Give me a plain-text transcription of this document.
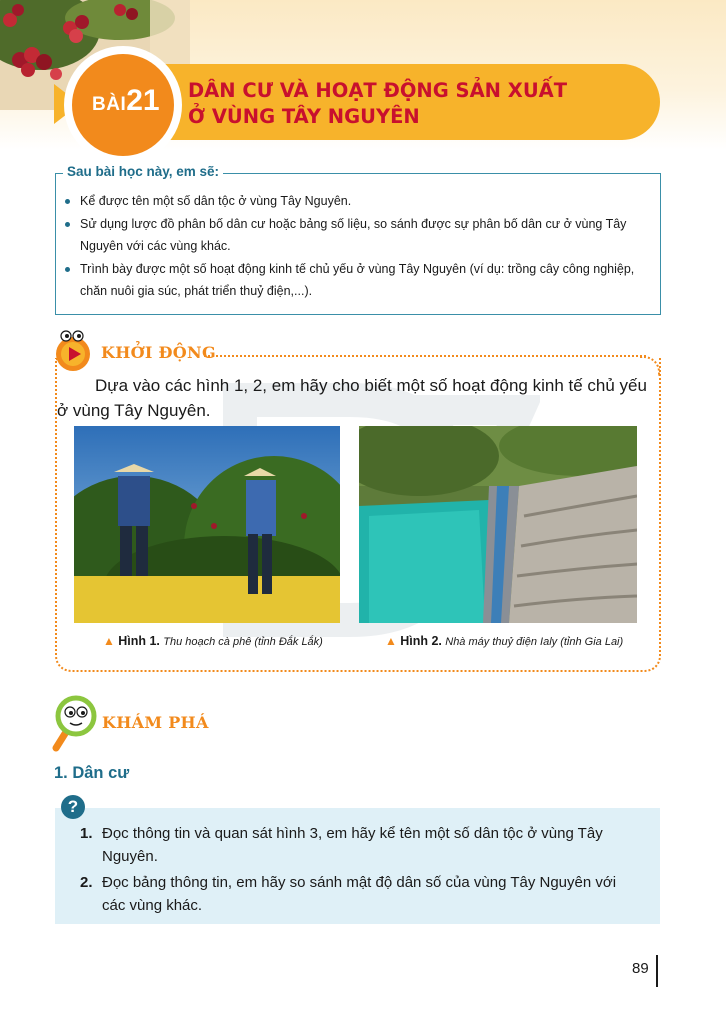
BÀI21 DÂN CƯ VÀ HOẠT ĐỘNG SẢN XUẤT
Ở VÙNG TÂY NGUYÊN
Sau bài học này, em sẽ:
Kể được tên một số dân tộc ở vùng Tây Nguyên.
Sử dụng lược đồ phân bố dân cư hoặc bảng số liệu, so sánh được sự phân bố dân cư ở vùng Tây Nguyên với các vùng khác.
Trình bày được một số hoạt động kinh tế chủ yếu ở vùng Tây Nguyên (ví dụ: trồng cây công nghiệp, chăn nuôi gia súc, phát triển thuỷ điện,...).
KHỞI ĐỘNG
Dựa vào các hình 1, 2, em hãy cho biết một số hoạt động kinh tế chủ yếu ở vùng Tây Nguyên.
▲ Hình 1. Thu hoạch cà phê (tỉnh Đắk Lắk)	▲ Hình 2. Nhà máy thuỷ điện Ialy (tỉnh Gia Lai)
KHÁM PHÁ
1. Dân cư
?
1. Đọc thông tin và quan sát hình 3, em hãy kể tên một số dân tộc ở vùng Tây Nguyên.
2. Đọc bảng thông tin, em hãy so sánh mật độ dân số của vùng Tây Nguyên với các vùng khác.
89
